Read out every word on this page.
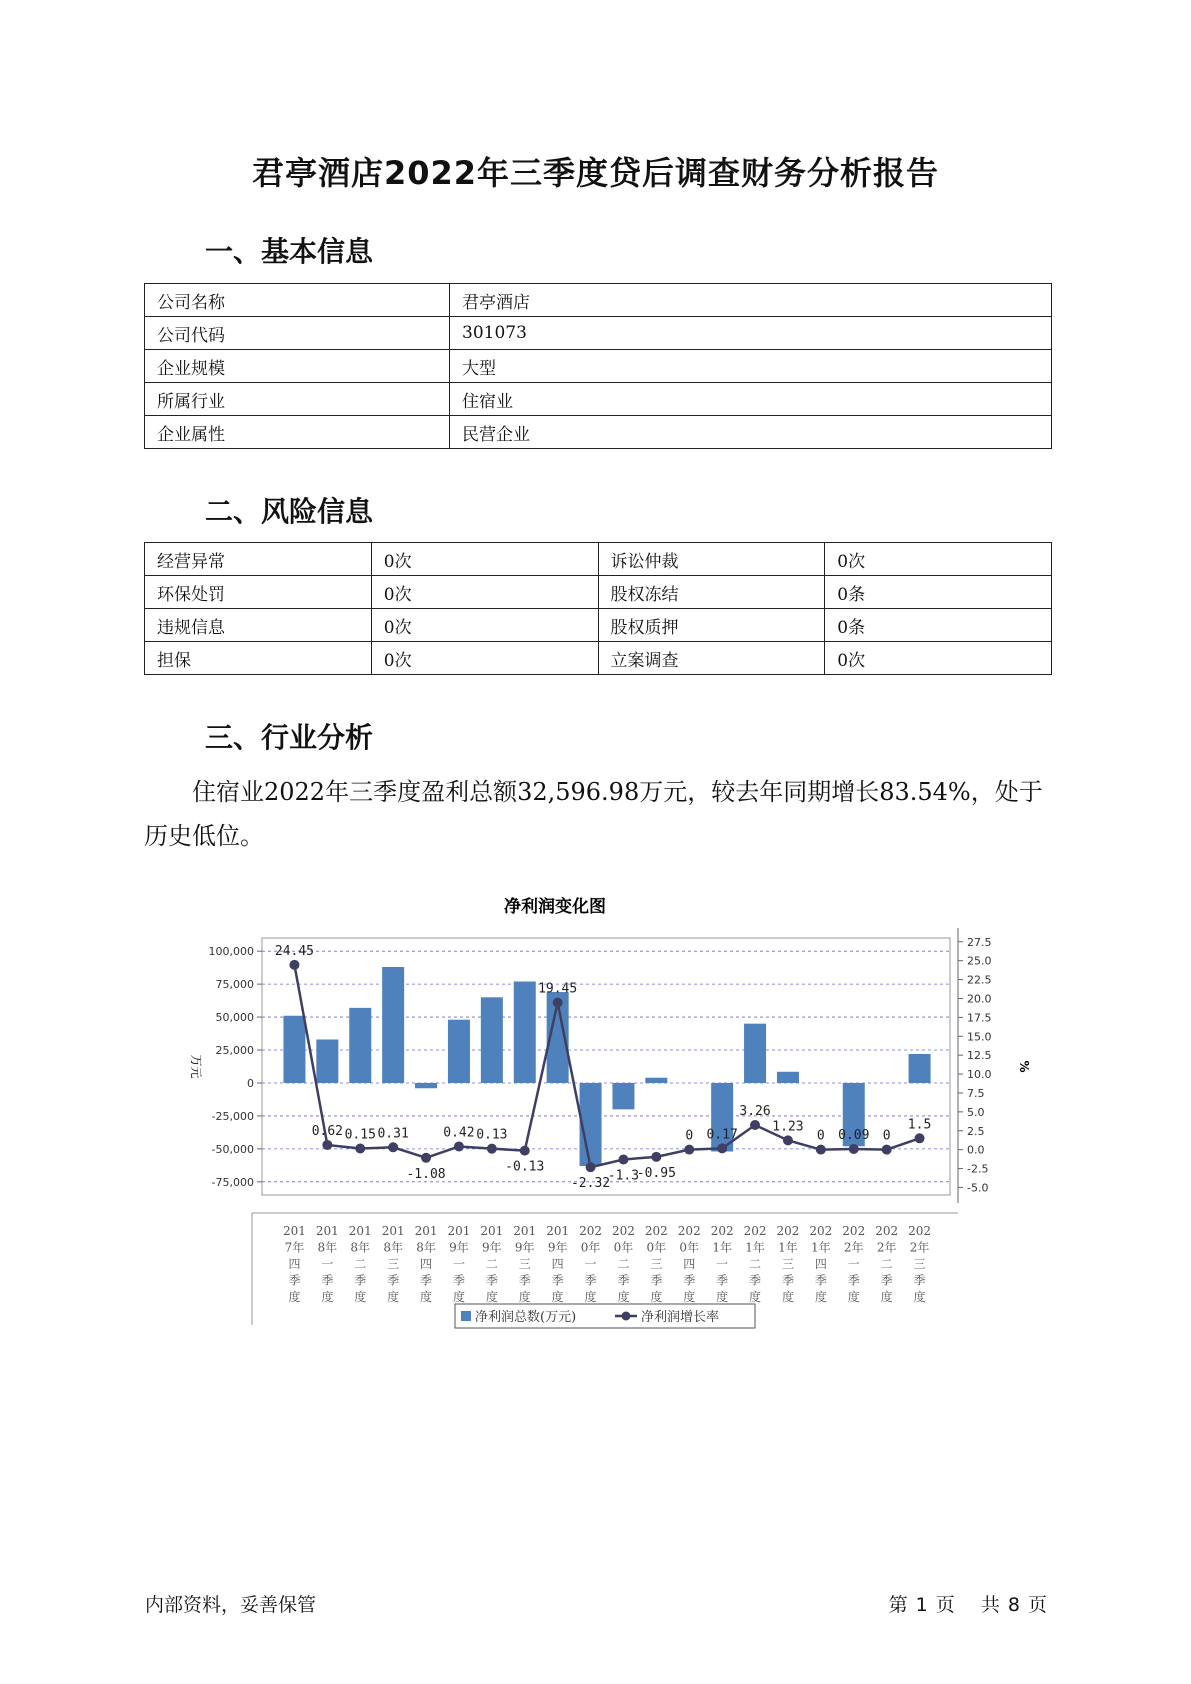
君亭酒店2022年三季度贷后调查财务分析报告
一、基本信息
公司名称	君亭酒店
公司代码	301073
企业规模	大型
所属行业	住宿业
企业属性	民营企业
二、风险信息
经营异常	0次	诉讼仲裁	0次
环保处罚	0次	股权冻结	0条
违规信息	0次	股权质押	0条
担保	0次	立案调查	0次
三、行业分析
住宿业2022年三季度盈利总额32,596.98万元，较去年同期增长83.54%，处于历史低位。
净利润变化图
100,000
75,000
50,000
25,000
0
-25,000
-50,000
-75,000
27.5
25.0
22.5
20.0
17.5
15.0
12.5
10.0
7.5
5.0
2.5
0.0
-2.5
-5.0
万元	%
24.45
0.62 0.15 0.31
-1.08
0.42 0.13
-0.13
19.45
-2.32
-1.3
-0.95
0 0.17
3.26
1.23
0 0.09 0
1.5
201 7年四季度
201 8年一季度
201 8年二季度
201 8年三季度
201 8年四季度
201 9年一季度
201 9年二季度
201 9年三季度
201 9年四季度
202 0年一季度
202 0年二季度
202 0年三季度
202 0年四季度
202 1年一季度
202 1年二季度
202 1年三季度
202 1年四季度
202 2年一季度
202 2年二季度
202 2年三季度
净利润总数(万元)	净利润增长率
内部资料，妥善保管	第 1 页 共 8 页
